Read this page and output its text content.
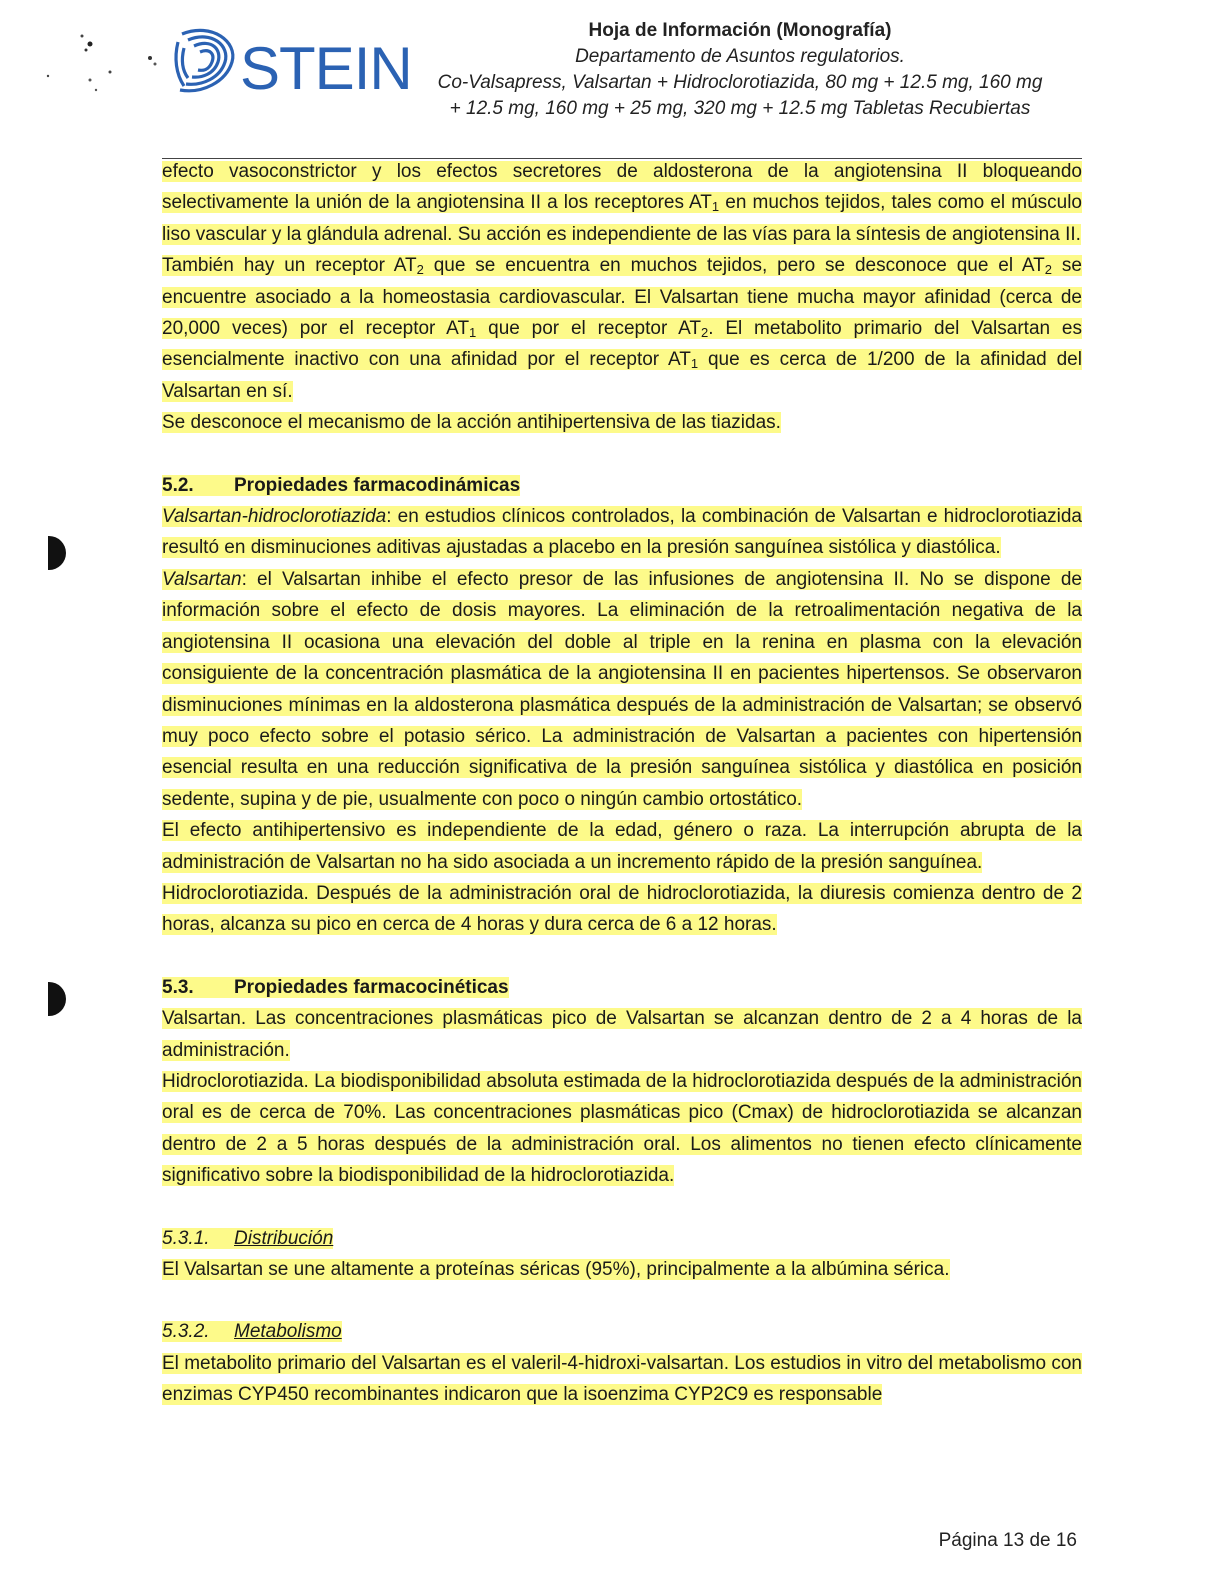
STEIN
Hoja de Información (Monografía)
Departamento de Asuntos regulatorios.
Co-Valsapress, Valsartan + Hidroclorotiazida, 80 mg + 12.5 mg, 160 mg
+ 12.5 mg, 160 mg + 25 mg, 320 mg + 12.5 mg Tabletas Recubiertas

efecto vasoconstrictor y los efectos secretores de aldosterona de la angiotensina II bloqueando selectivamente la unión de la angiotensina II a los receptores $AT_1$ en muchos tejidos, tales como el músculo liso vascular y la glándula adrenal. Su acción es independiente de las vías para la síntesis de angiotensina II.

También hay un receptor $AT_2$ que se encuentra en muchos tejidos, pero se desconoce que el $AT_2$ se encuentre asociado a la homeostasia cardiovascular. El Valsartan tiene mucha mayor afinidad (cerca de 20,000 veces) por el receptor $AT_1$ que por el receptor $AT_2$. El metabolito primario del Valsartan es esencialmente inactivo con una afinidad por el receptor $AT_1$ que es cerca de 1/200 de la afinidad del Valsartan en sí.

Se desconoce el mecanismo de la acción antihipertensiva de las tiazidas.

5.2. Propiedades farmacodinámicas

Valsartan-hidroclorotiazida: en estudios clínicos controlados, la combinación de Valsartan e hidroclorotiazida resultó en disminuciones aditivas ajustadas a placebo en la presión sanguínea sistólica y diastólica.

Valsartan: el Valsartan inhibe el efecto presor de las infusiones de angiotensina II. No se dispone de información sobre el efecto de dosis mayores. La eliminación de la retroalimentación negativa de la angiotensina II ocasiona una elevación del doble al triple en la renina en plasma con la elevación consiguiente de la concentración plasmática de la angiotensina II en pacientes hipertensos. Se observaron disminuciones mínimas en la aldosterona plasmática después de la administración de Valsartan; se observó muy poco efecto sobre el potasio sérico. La administración de Valsartan a pacientes con hipertensión esencial resulta en una reducción significativa de la presión sanguínea sistólica y diastólica en posición sedente, supina y de pie, usualmente con poco o ningún cambio ortostático.

El efecto antihipertensivo es independiente de la edad, género o raza. La interrupción abrupta de la administración de Valsartan no ha sido asociada a un incremento rápido de la presión sanguínea.

Hidroclorotiazida. Después de la administración oral de hidroclorotiazida, la diuresis comienza dentro de 2 horas, alcanza su pico en cerca de 4 horas y dura cerca de 6 a 12 horas.

5.3. Propiedades farmacocinéticas

Valsartan. Las concentraciones plasmáticas pico de Valsartan se alcanzan dentro de 2 a 4 horas de la administración.

Hidroclorotiazida. La biodisponibilidad absoluta estimada de la hidroclorotiazida después de la administración oral es de cerca de 70%. Las concentraciones plasmáticas pico (Cmax) de hidroclorotiazida se alcanzan dentro de 2 a 5 horas después de la administración oral. Los alimentos no tienen efecto clínicamente significativo sobre la biodisponibilidad de la hidroclorotiazida.

5.3.1. Distribución

El Valsartan se une altamente a proteínas séricas (95%), principalmente a la albúmina sérica.

5.3.2. Metabolismo

El metabolito primario del Valsartan es el valeril-4-hidroxi-valsartan. Los estudios in vitro del metabolismo con enzimas CYP450 recombinantes indicaron que la isoenzima CYP2C9 es responsable

Página 13 de 16
